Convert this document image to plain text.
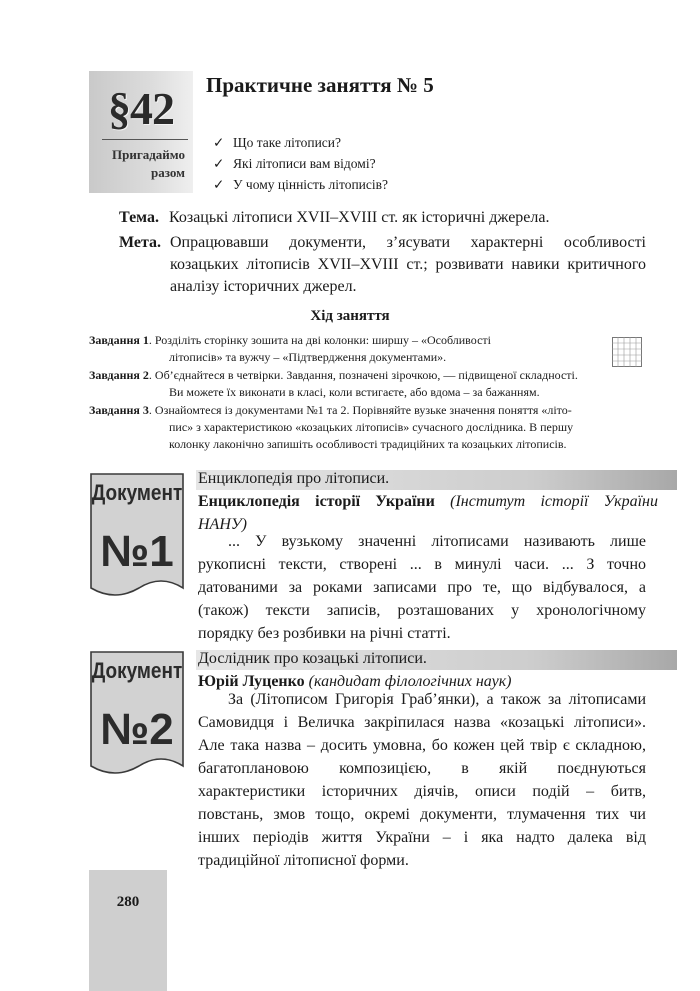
§42
Пригадаймо разом
Практичне заняття № 5
✓ Що таке літописи?
✓ Які літописи вам відомі?
✓ У чому цінність літописів?
Тема. Козацькі літописи XVII–XVIII ст. як історичні джерела.
Мета. Опрацювавши документи, з’ясувати характерні особливості
козацьких літописів XVII–XVIII ст.; розвивати навики критичного
аналізу історичних джерел.
Хід заняття
Завдання 1. Розділіть сторінку зошита на дві колонки: ширшу – «Особливості
літописів» та вужчу – «Підтвердження документами».
Завдання 2. Об’єднайтеся в четвірки. Завдання, позначені зірочкою, — підвищеної складності.
Ви можете їх виконати в класі, коли встигаєте, або вдома – за бажанням.
Завдання 3. Ознайомтеся із документами №1 та 2. Порівняйте вузьке значення поняття «літо-
пис» з характеристикою «козацьких літописів» сучасного дослідника. В першу
колонку лаконічно запишіть особливості традиційних та козацьких літописів.
Документ
№1
Енциклопедія про літописи.
Енциклопедія історії України (Інститут історії України
НАНУ)
... У вузькому значенні літописами називають лише
рукописні тексти, створені ... в минулі часи. ... З точно
датованими за роками записами про те, що відбувалося, а
(також) тексти записів, розташованих у хронологічному
порядку без розбивки на річні статті.
Документ
№2
Дослідник про козацькі літописи.
Юрій Луценко (кандидат філологічних наук)
За (Літописом Григорія Граб’янки), а також за літописами
Самовидця і Величка закріпилася назва «козацькі літописи».
Але така назва – досить умовна, бо кожен цей твір є складною,
багатоплановою композицією, в якій поєднуються
характеристики історичних діячів, описи подій – битв,
повстань, змов тощо, окремі документи, тлумачення тих чи
інших періодів життя України – і яка надто далека від
традиційної літописної форми.
280
